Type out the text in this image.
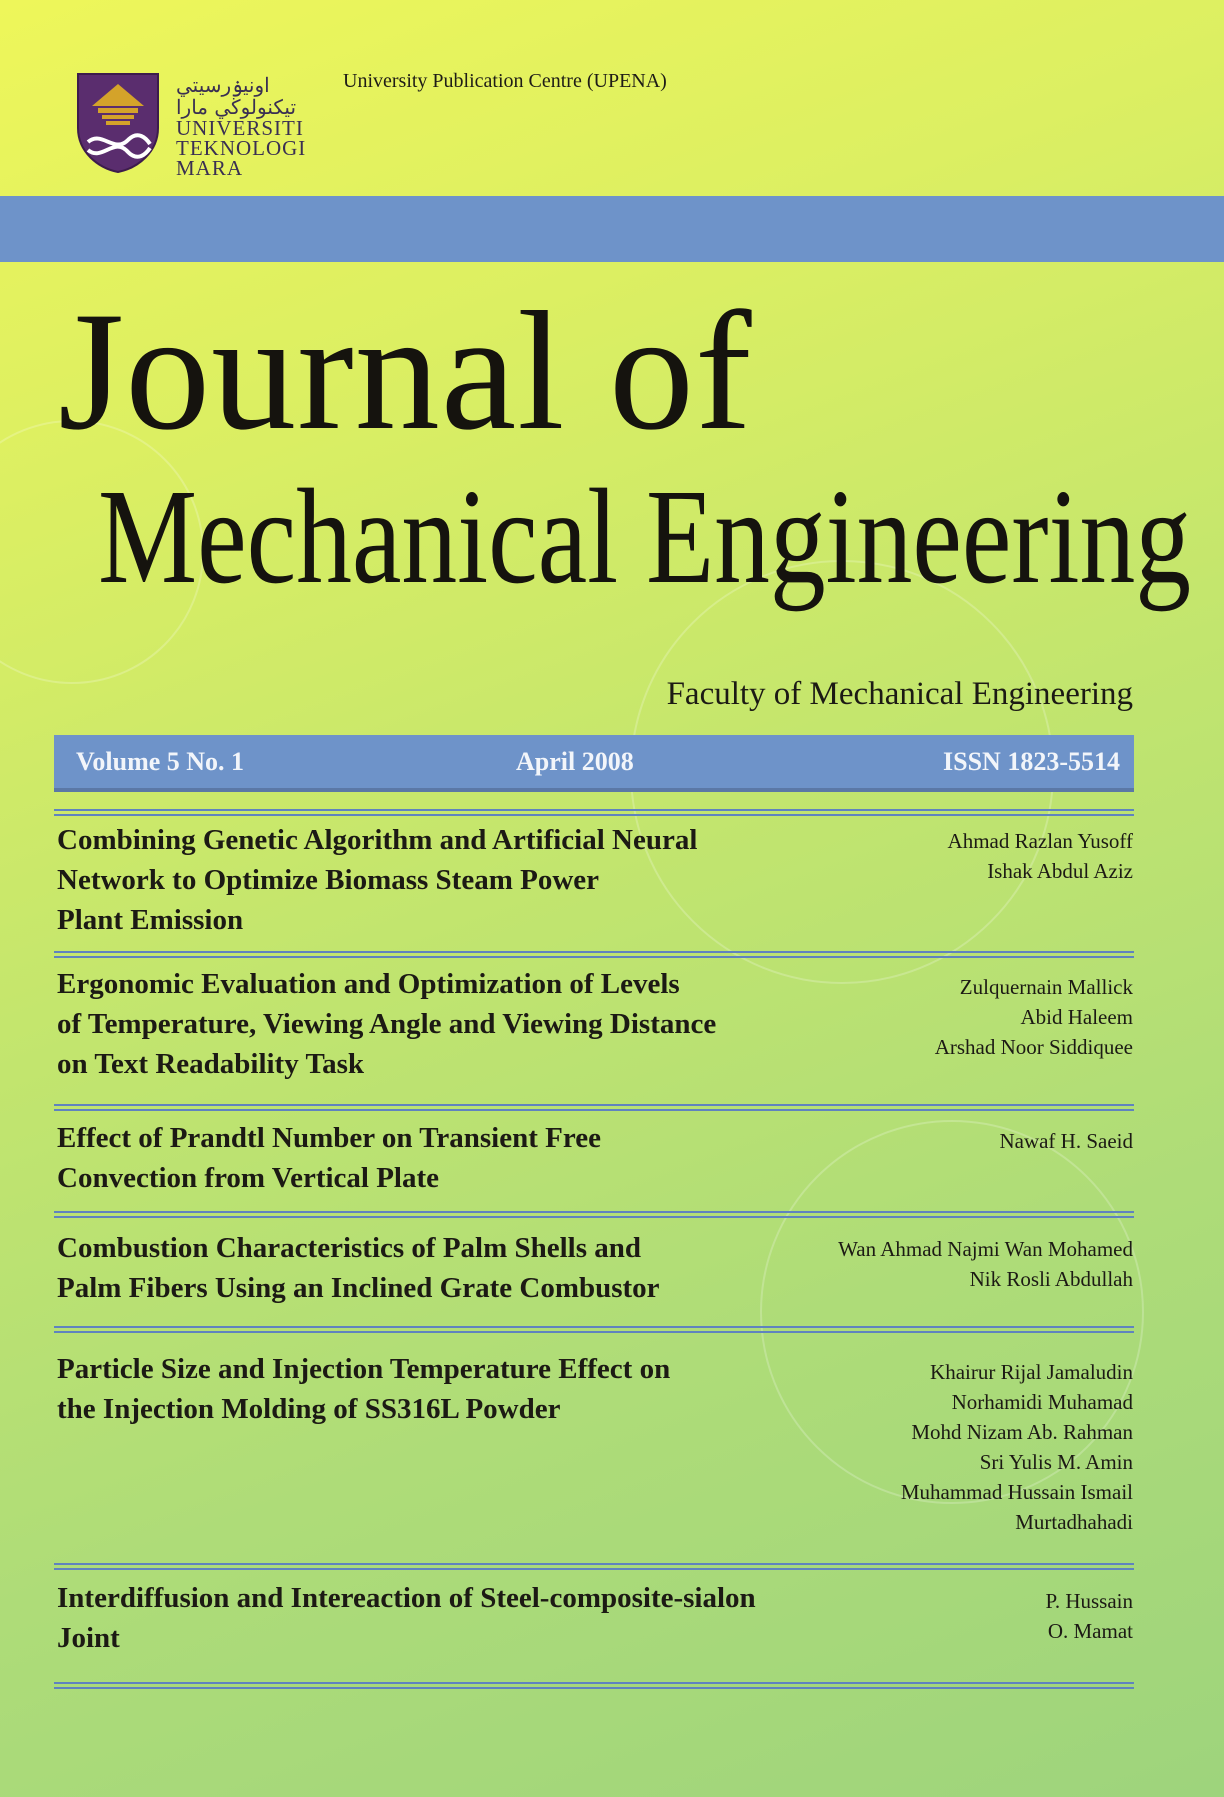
اونيۏرسيتي تيكنولوڬي مارا
UNIVERSITI
TEKNOLOGI
MARA
University Publication Centre (UPENA)
Journal of
Mechanical Engineering
Faculty of Mechanical Engineering
Volume 5 No. 1	April 2008	ISSN 1823-5514
Combining Genetic Algorithm and Artificial Neural
Network to Optimize Biomass Steam Power
Plant Emission
Ahmad Razlan Yusoff
Ishak Abdul Aziz
Ergonomic Evaluation and Optimization of Levels
of Temperature, Viewing Angle and Viewing Distance
on Text Readability Task
Zulquernain Mallick
Abid Haleem
Arshad Noor Siddiquee
Effect of Prandtl Number on Transient Free
Convection from Vertical Plate
Nawaf H. Saeid
Combustion Characteristics of Palm Shells and
Palm Fibers Using an Inclined Grate Combustor
Wan Ahmad Najmi Wan Mohamed
Nik Rosli Abdullah
Particle Size and Injection Temperature Effect on
the Injection Molding of SS316L Powder
Khairur Rijal Jamaludin
Norhamidi Muhamad
Mohd Nizam Ab. Rahman
Sri Yulis M. Amin
Muhammad Hussain Ismail
Murtadhahadi
Interdiffusion and Intereaction of Steel-composite-sialon
Joint
P. Hussain
O. Mamat
